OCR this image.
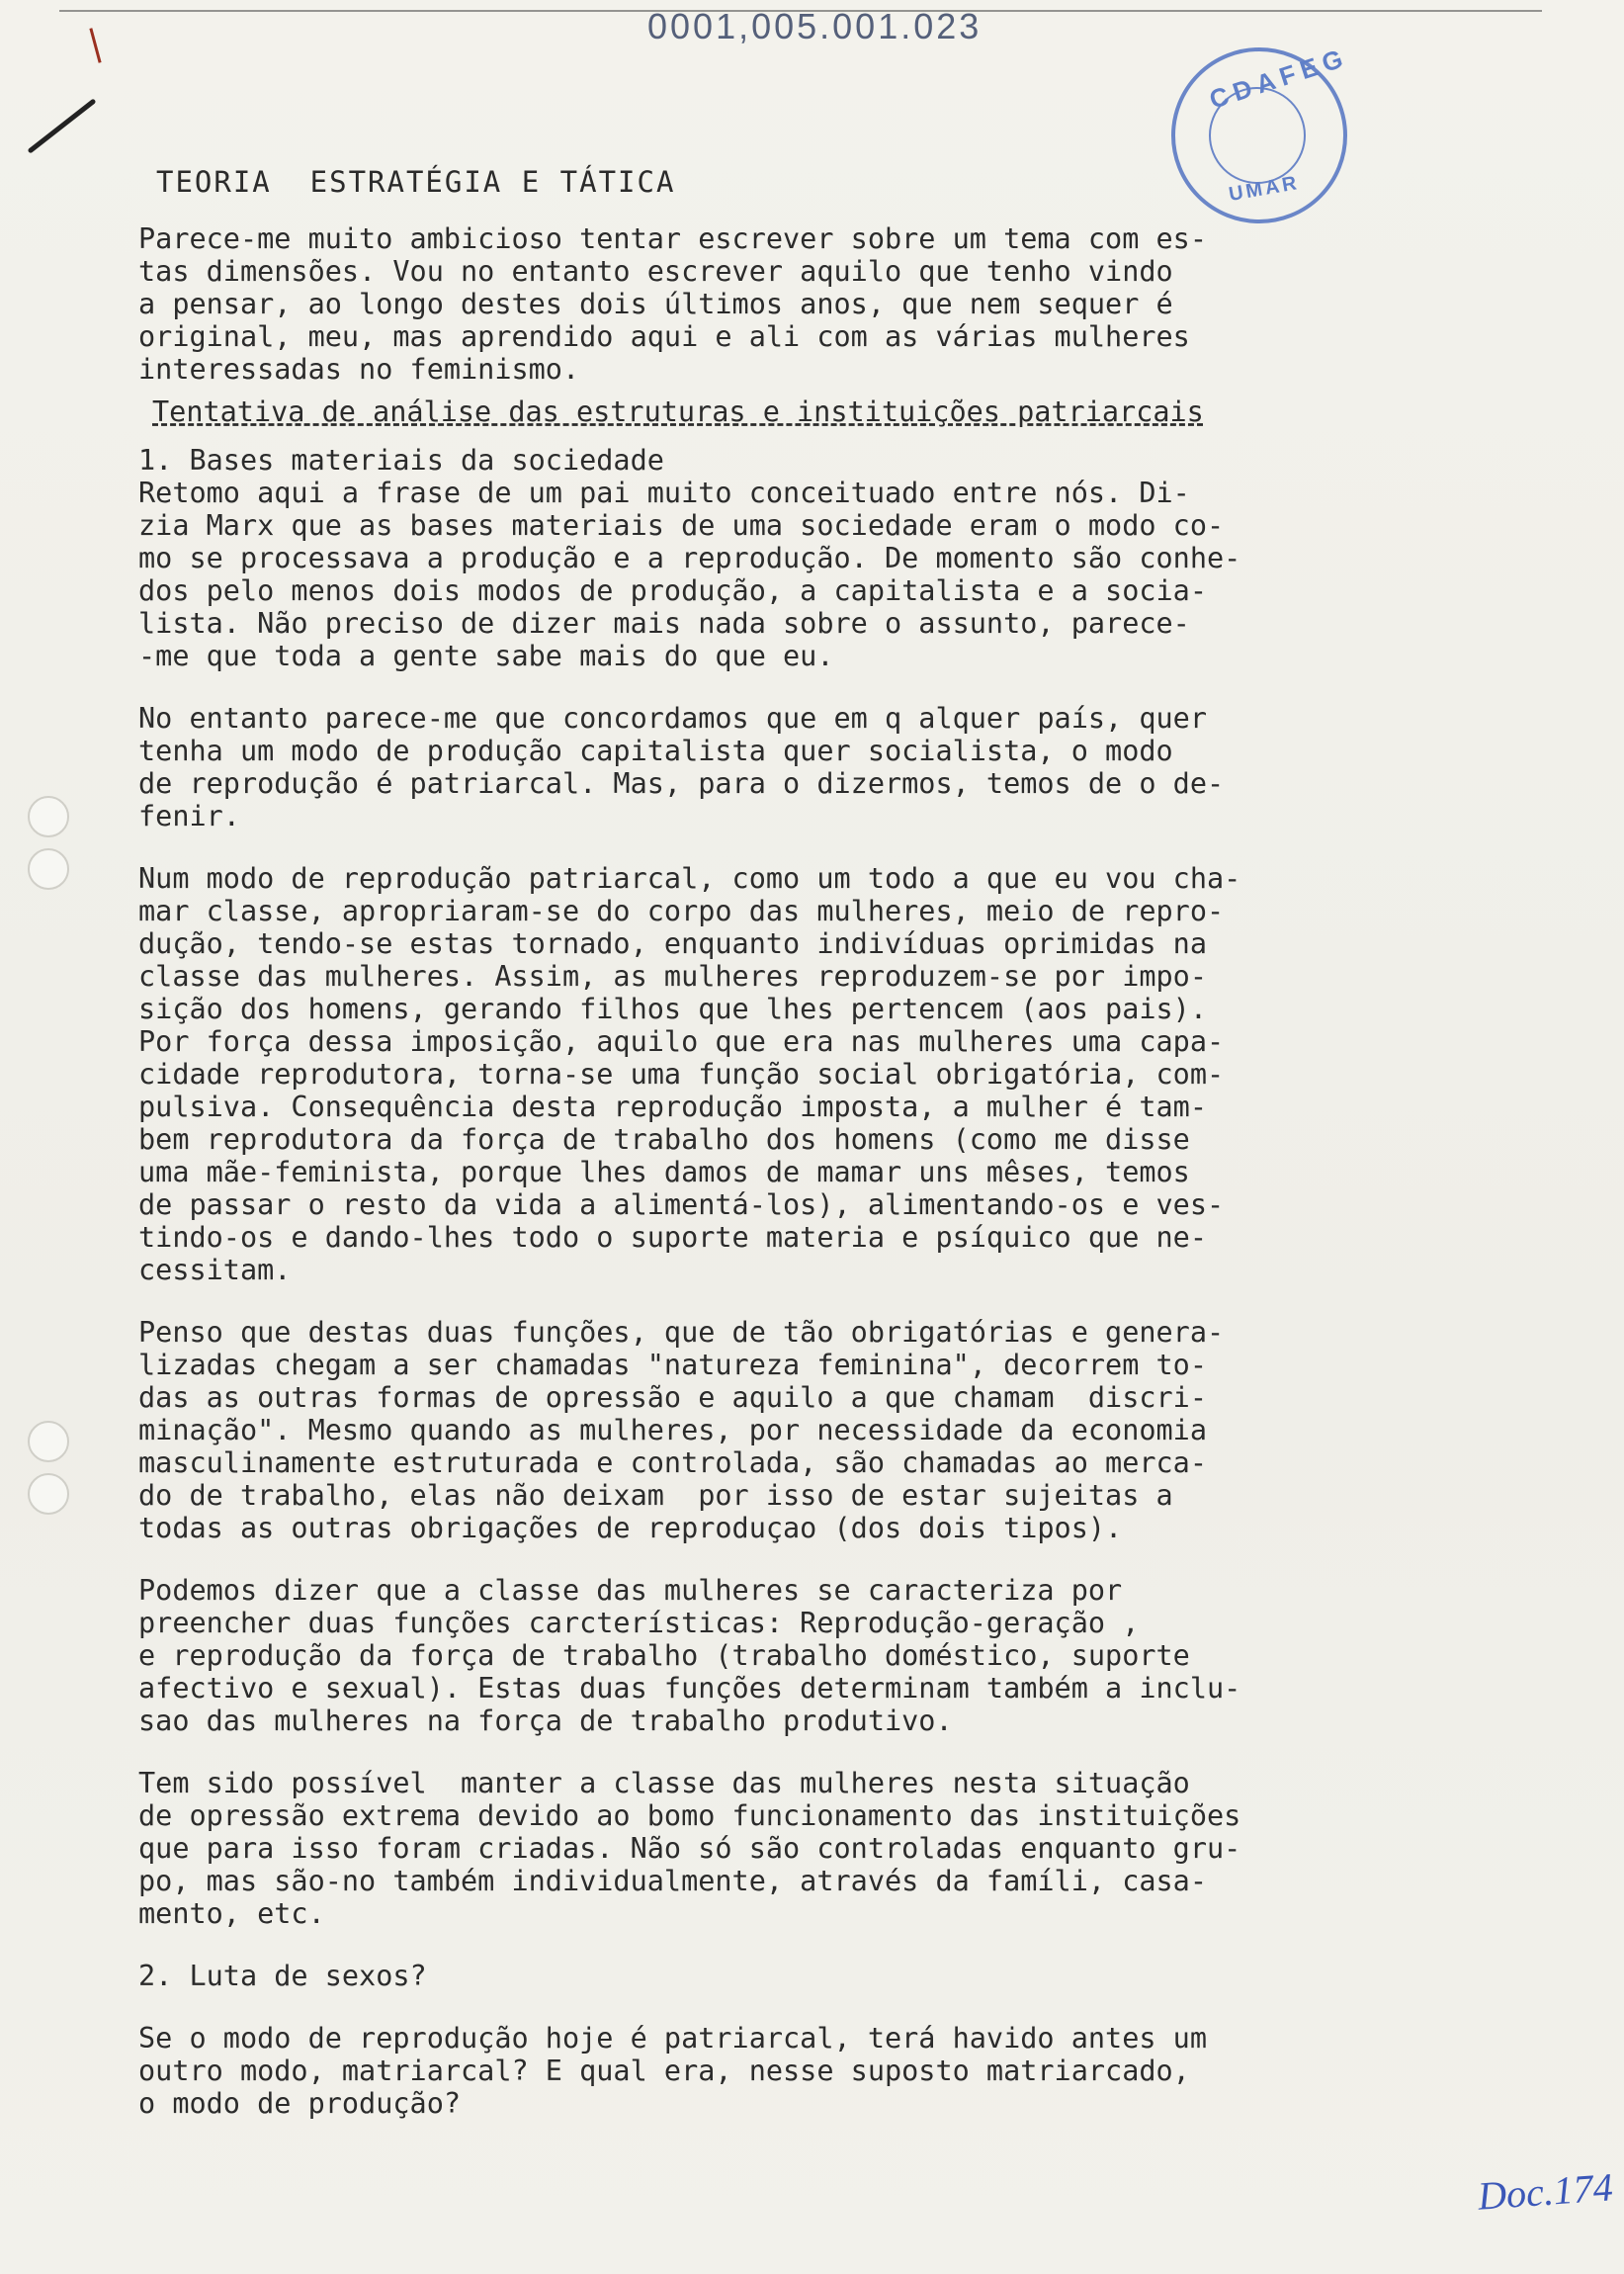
0001,005.001.023
CDAFEG
UMAR
TEORIA  ESTRATÉGIA E TÁTICA

Parece-me muito ambicioso tentar escrever sobre um tema com es-
tas dimensões. Vou no entanto escrever aquilo que tenho vindo
a pensar, ao longo destes dois últimos anos, que nem sequer é
original, meu, mas aprendido aqui e ali com as várias mulheres
interessadas no feminismo.

Tentativa de análise das estruturas e instituições patriarcais

1. Bases materiais da sociedade

Retomo aqui a frase de um pai muito conceituado entre nós. Di-
zia Marx que as bases materiais de uma sociedade eram o modo co-
mo se processava a produção e a reprodução. De momento são conhe-
dos pelo menos dois modos de produção, a capitalista e a socia-
lista. Não preciso de dizer mais nada sobre o assunto, parece-
-me que toda a gente sabe mais do que eu.

No entanto parece-me que concordamos que em q alquer país, quer
tenha um modo de produção capitalista quer socialista, o modo
de reprodução é patriarcal. Mas, para o dizermos, temos de o de-
fenir.

Num modo de reprodução patriarcal, como um todo a que eu vou cha-
mar classe, apropriaram-se do corpo das mulheres, meio de repro-
dução, tendo-se estas tornado, enquanto indivíduas oprimidas na
classe das mulheres. Assim, as mulheres reproduzem-se por impo-
sição dos homens, gerando filhos que lhes pertencem (aos pais).
Por força dessa imposição, aquilo que era nas mulheres uma capa-
cidade reprodutora, torna-se uma função social obrigatória, com-
pulsiva. Consequência desta reprodução imposta, a mulher é tam-
bem reprodutora da força de trabalho dos homens (como me disse
uma mãe-feminista, porque lhes damos de mamar uns mêses, temos
de passar o resto da vida a alimentá-los), alimentando-os e ves-
tindo-os e dando-lhes todo o suporte materia e psíquico que ne-
cessitam.

Penso que destas duas funções, que de tão obrigatórias e genera-
lizadas chegam a ser chamadas "natureza feminina", decorrem to-
das as outras formas de opressão e aquilo a que chamam  discri-
minação". Mesmo quando as mulheres, por necessidade da economia
masculinamente estruturada e controlada, são chamadas ao merca-
do de trabalho, elas não deixam  por isso de estar sujeitas a
todas as outras obrigações de reproduçao (dos dois tipos).

Podemos dizer que a classe das mulheres se caracteriza por
preencher duas funções carcterísticas: Reprodução-geração ,
e reprodução da força de trabalho (trabalho doméstico, suporte
afectivo e sexual). Estas duas funções determinam também a inclu-
sao das mulheres na força de trabalho produtivo.

Tem sido possível  manter a classe das mulheres nesta situação
de opressão extrema devido ao bomo funcionamento das instituições
que para isso foram criadas. Não só são controladas enquanto gru-
po, mas são-no também individualmente, através da famíli, casa-
mento, etc.

2. Luta de sexos?

Se o modo de reprodução hoje é patriarcal, terá havido antes um
outro modo, matriarcal? E qual era, nesse suposto matriarcado,
o modo de produção?

Doc.174
